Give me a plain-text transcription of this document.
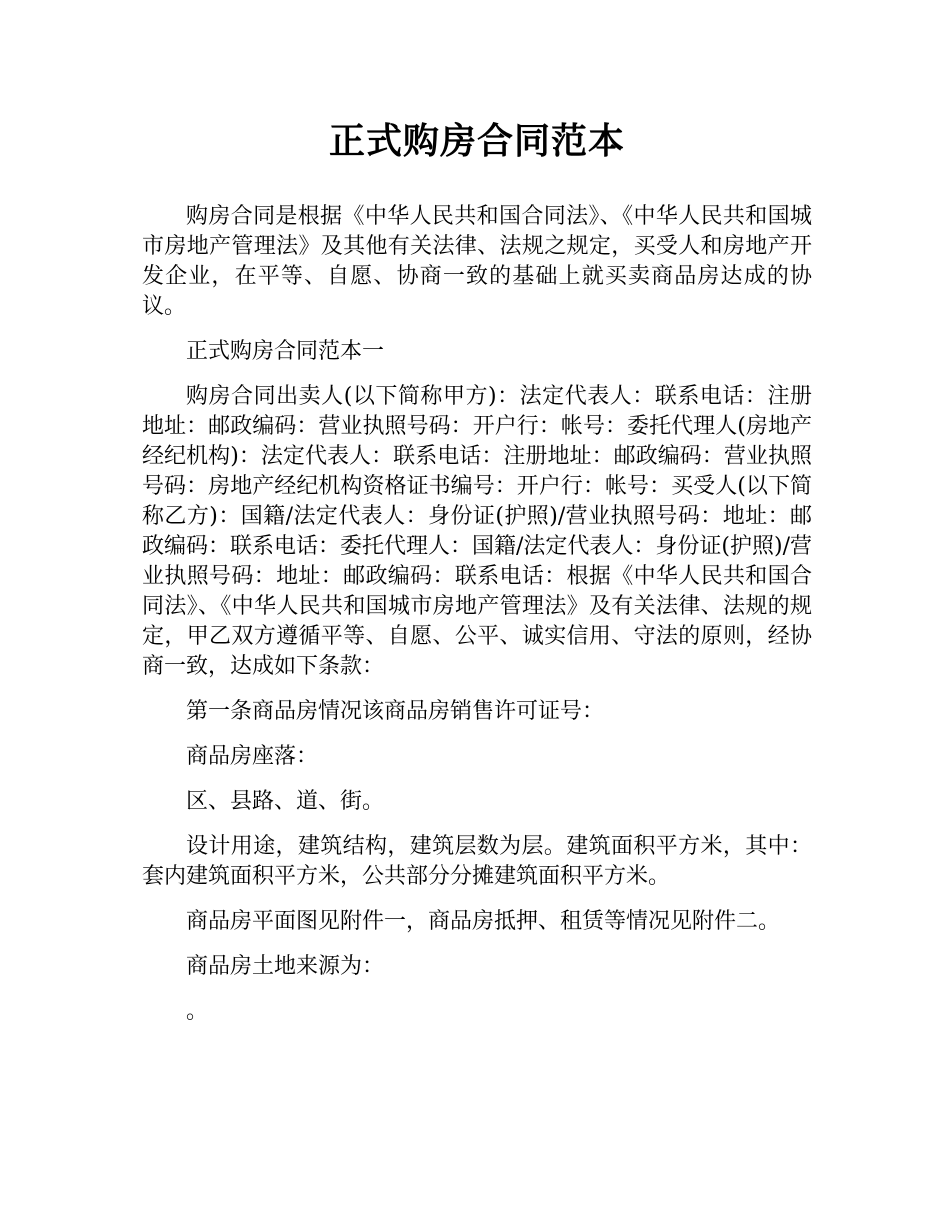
正式购房合同范本

购房合同是根据《中华人民共和国合同法》、《中华人民共和国城市房地产管理法》及其他有关法律、法规之规定，买受人和房地产开发企业，在平等、自愿、协商一致的基础上就买卖商品房达成的协议。

正式购房合同范本一

购房合同出卖人(以下简称甲方)：法定代表人：联系电话：注册地址：邮政编码：营业执照号码：开户行：帐号：委托代理人(房地产经纪机构)：法定代表人：联系电话：注册地址：邮政编码：营业执照号码：房地产经纪机构资格证书编号：开户行：帐号：买受人(以下简称乙方)：国籍/法定代表人：身份证(护照)/营业执照号码：地址：邮政编码：联系电话：委托代理人：国籍/法定代表人：身份证(护照)/营业执照号码：地址：邮政编码：联系电话：根据《中华人民共和国合同法》、《中华人民共和国城市房地产管理法》及有关法律、法规的规定，甲乙双方遵循平等、自愿、公平、诚实信用、守法的原则，经协商一致，达成如下条款：

第一条商品房情况该商品房销售许可证号：

商品房座落：

区、县路、道、街。

设计用途，建筑结构，建筑层数为层。建筑面积平方米，其中：套内建筑面积平方米，公共部分分摊建筑面积平方米。

商品房平面图见附件一，商品房抵押、租赁等情况见附件二。

商品房土地来源为：

。
